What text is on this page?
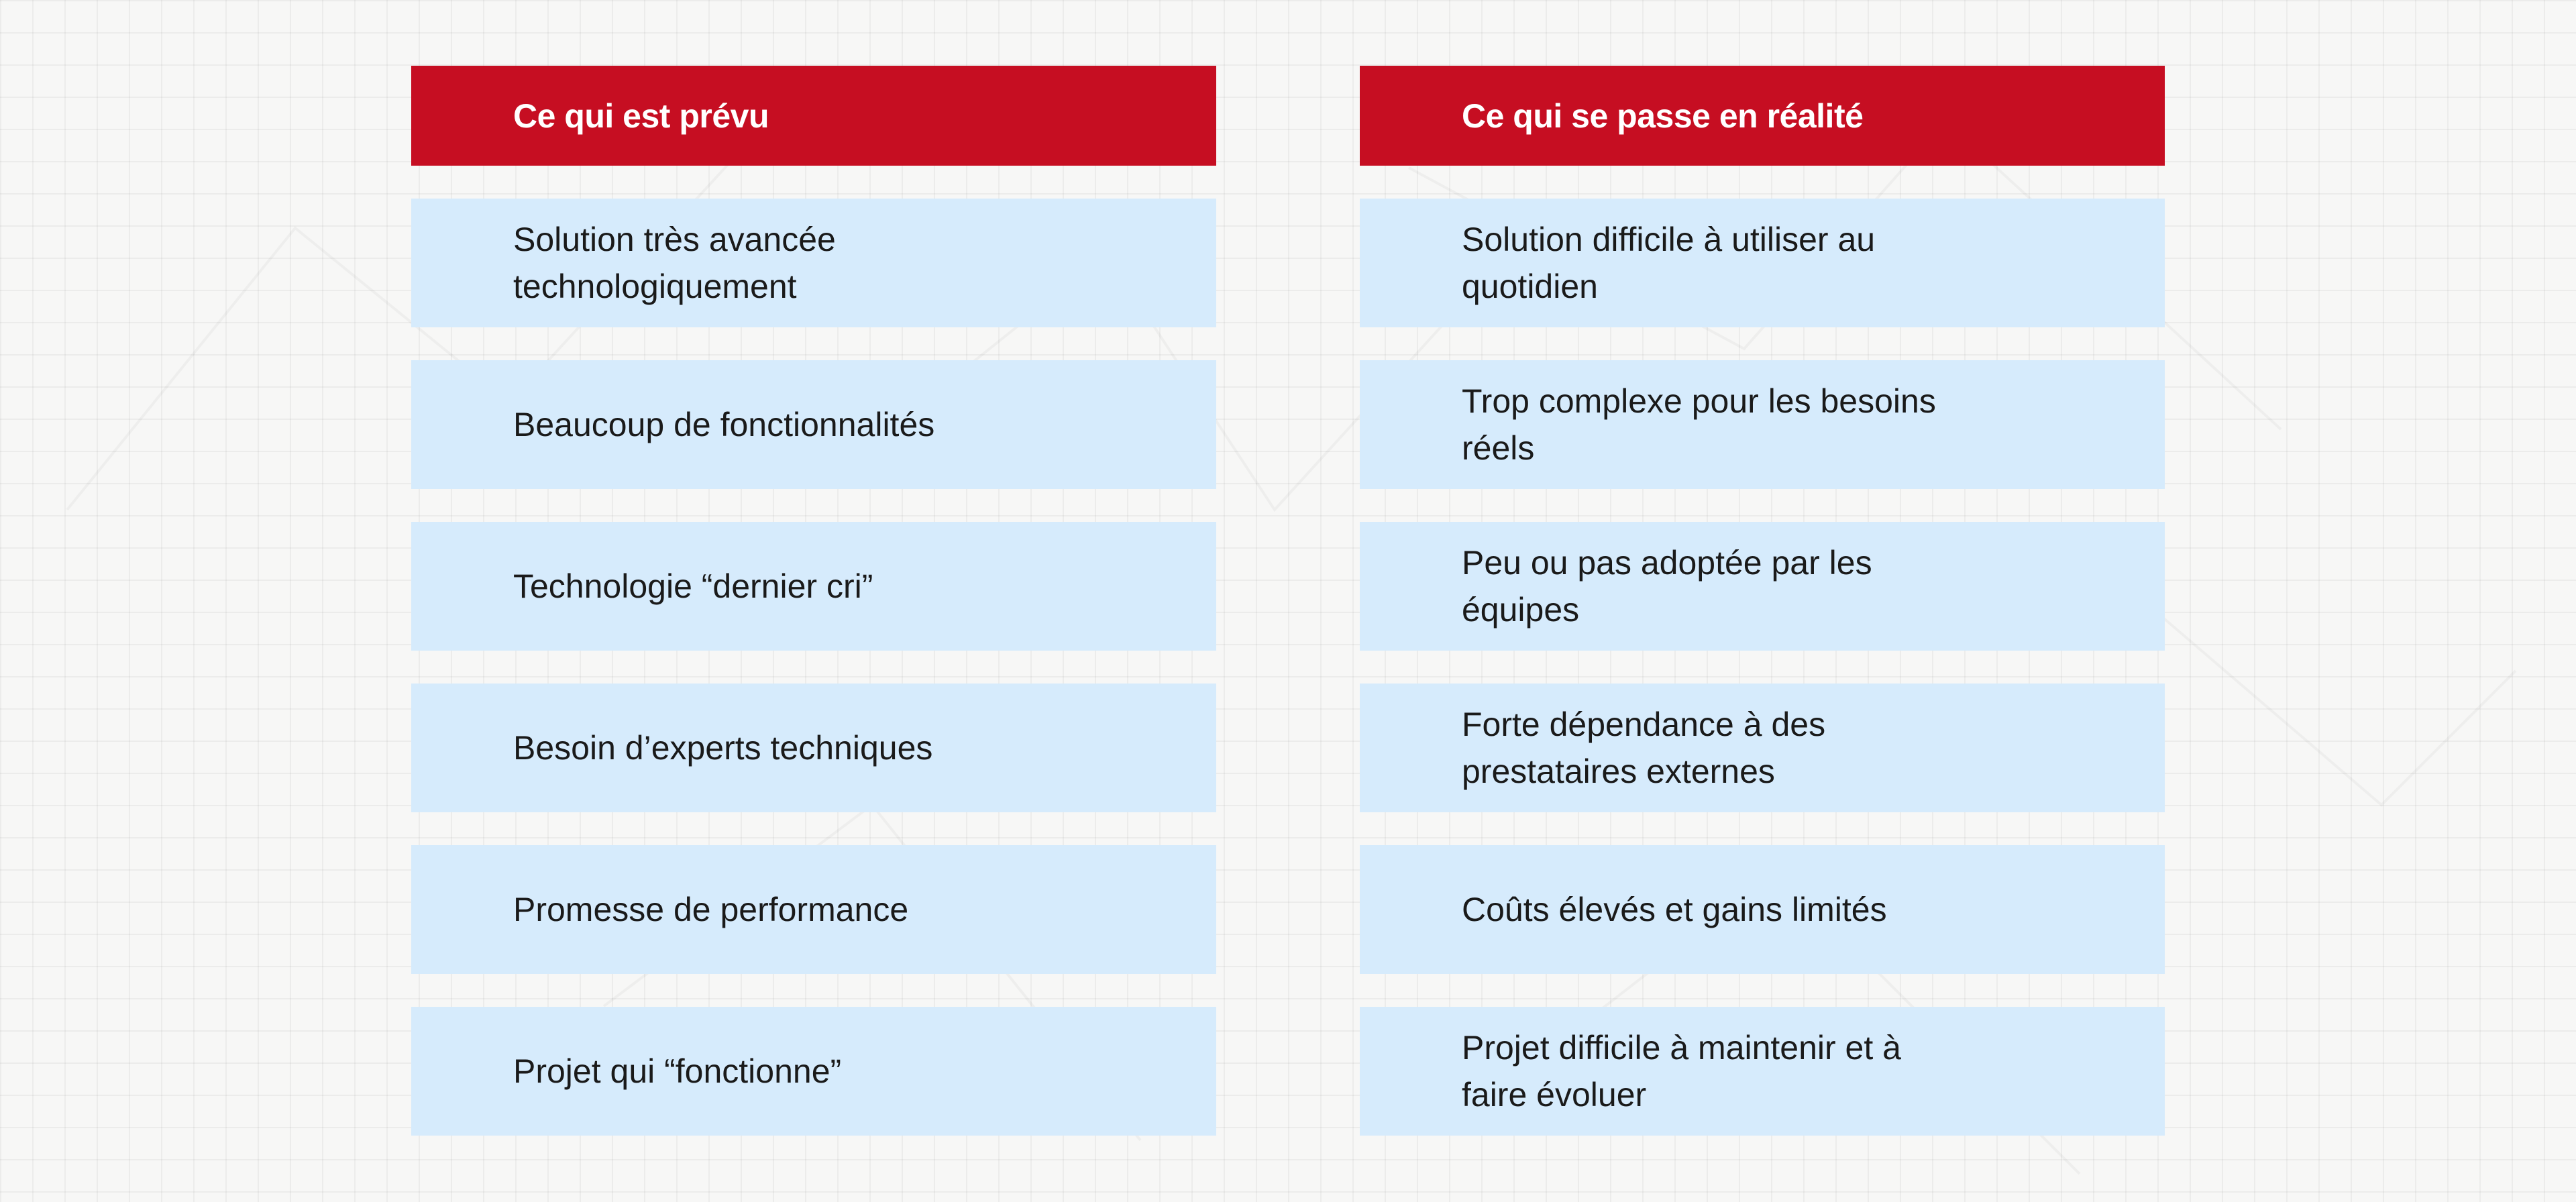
Ce qui est prévu
Solution très avancée technologiquement
Beaucoup de fonctionnalités
Technologie “dernier cri”
Besoin d’experts techniques
Promesse de performance
Projet qui “fonctionne”
Ce qui se passe en réalité
Solution difficile à utiliser au quotidien
Trop complexe pour les besoins réels
Peu ou pas adoptée par les équipes
Forte dépendance à des prestataires externes
Coûts élevés et gains limités
Projet difficile à maintenir et à faire évoluer
